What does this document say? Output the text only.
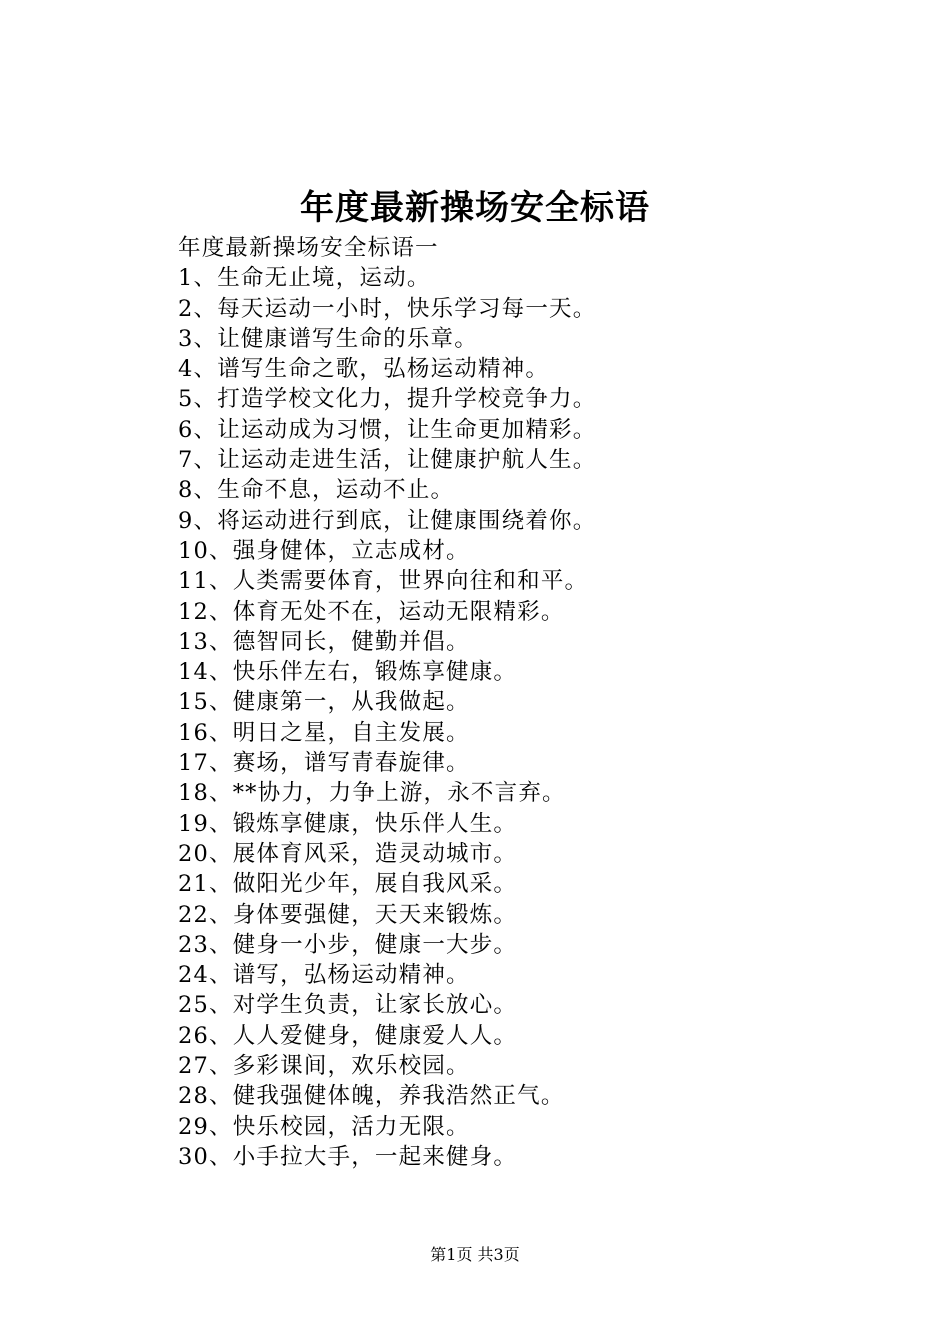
年度最新操场安全标语
年度最新操场安全标语一
1、生命无止境，运动。
2、每天运动一小时，快乐学习每一天。
3、让健康谱写生命的乐章。
4、谱写生命之歌，弘杨运动精神。
5、打造学校文化力，提升学校竞争力。
6、让运动成为习惯，让生命更加精彩。
7、让运动走进生活，让健康护航人生。
8、生命不息，运动不止。
9、将运动进行到底，让健康围绕着你。
10、强身健体，立志成材。
11、人类需要体育，世界向往和和平。
12、体育无处不在，运动无限精彩。
13、德智同长，健勤并倡。
14、快乐伴左右，锻炼享健康。
15、健康第一，从我做起。
16、明日之星，自主发展。
17、赛场，谱写青春旋律。
18、**协力，力争上游，永不言弃。
19、锻炼享健康，快乐伴人生。
20、展体育风采，造灵动城市。
21、做阳光少年，展自我风采。
22、身体要强健，天天来锻炼。
23、健身一小步，健康一大步。
24、谱写，弘杨运动精神。
25、对学生负责，让家长放心。
26、人人爱健身，健康爱人人。
27、多彩课间，欢乐校园。
28、健我强健体魄，养我浩然正气。
29、快乐校园，活力无限。
30、小手拉大手，一起来健身。

第1页 共3页
